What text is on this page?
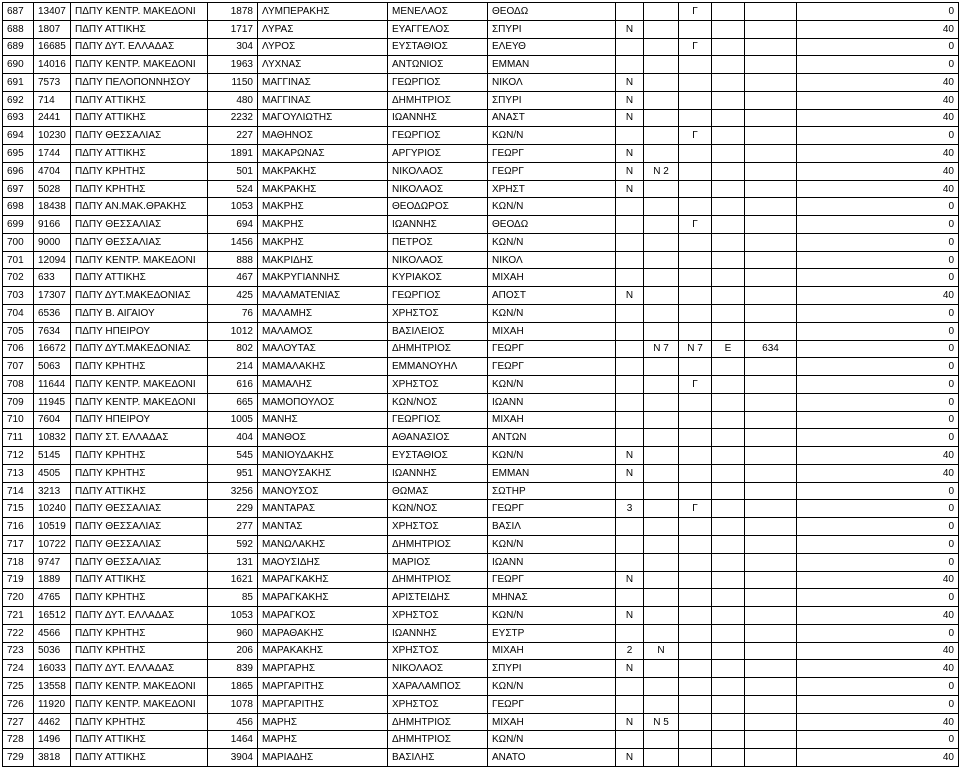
687	13407	ΠΔΠΥ ΚΕΝΤΡ. ΜΑΚΕΔΟΝΙ	1878	ΛΥΜΠΕΡΑΚΗΣ	ΜΕΝΕΛΑΟΣ	ΘΕΟΔΩ			Γ			0
688	1807	ΠΔΠΥ ΑΤΤΙΚΗΣ	1717	ΛΥΡΑΣ	ΕΥΑΓΓΕΛΟΣ	ΣΠΥΡΙ	Ν					40
689	16685	ΠΔΠΥ ΔΥΤ. ΕΛΛΑΔΑΣ	304	ΛΥΡΟΣ	ΕΥΣΤΑΘΙΟΣ	ΕΛΕΥΘ			Γ			0
690	14016	ΠΔΠΥ ΚΕΝΤΡ. ΜΑΚΕΔΟΝΙ	1963	ΛΥΧΝΑΣ	ΑΝΤΩΝΙΟΣ	ΕΜΜΑΝ						0
691	7573	ΠΔΠΥ ΠΕΛΟΠΟΝΝΗΣΟΥ	1150	ΜΑΓΓΙΝΑΣ	ΓΕΩΡΓΙΟΣ	ΝΙΚΟΛ	Ν					40
692	714	ΠΔΠΥ ΑΤΤΙΚΗΣ	480	ΜΑΓΓΙΝΑΣ	ΔΗΜΗΤΡΙΟΣ	ΣΠΥΡΙ	Ν					40
693	2441	ΠΔΠΥ ΑΤΤΙΚΗΣ	2232	ΜΑΓΟΥΛΙΩΤΗΣ	ΙΩΑΝΝΗΣ	ΑΝΑΣΤ	Ν					40
694	10230	ΠΔΠΥ ΘΕΣΣΑΛΙΑΣ	227	ΜΑΘΗΝΟΣ	ΓΕΩΡΓΙΟΣ	ΚΩΝ/Ν			Γ			0
695	1744	ΠΔΠΥ ΑΤΤΙΚΗΣ	1891	ΜΑΚΑΡΩΝΑΣ	ΑΡΓΥΡΙΟΣ	ΓΕΩΡΓ	Ν					40
696	4704	ΠΔΠΥ ΚΡΗΤΗΣ	501	ΜΑΚΡΑΚΗΣ	ΝΙΚΟΛΑΟΣ	ΓΕΩΡΓ	Ν	Ν 2				40
697	5028	ΠΔΠΥ ΚΡΗΤΗΣ	524	ΜΑΚΡΑΚΗΣ	ΝΙΚΟΛΑΟΣ	ΧΡΗΣΤ	Ν					40
698	18438	ΠΔΠΥ ΑΝ.ΜΑΚ.ΘΡΑΚΗΣ	1053	ΜΑΚΡΗΣ	ΘΕΟΔΩΡΟΣ	ΚΩΝ/Ν						0
699	9166	ΠΔΠΥ ΘΕΣΣΑΛΙΑΣ	694	ΜΑΚΡΗΣ	ΙΩΑΝΝΗΣ	ΘΕΟΔΩ			Γ			0
700	9000	ΠΔΠΥ ΘΕΣΣΑΛΙΑΣ	1456	ΜΑΚΡΗΣ	ΠΕΤΡΟΣ	ΚΩΝ/Ν						0
701	12094	ΠΔΠΥ ΚΕΝΤΡ. ΜΑΚΕΔΟΝΙ	888	ΜΑΚΡΙΔΗΣ	ΝΙΚΟΛΑΟΣ	ΝΙΚΟΛ						0
702	633	ΠΔΠΥ ΑΤΤΙΚΗΣ	467	ΜΑΚΡΥΓΙΑΝΝΗΣ	ΚΥΡΙΑΚΟΣ	ΜΙΧΑΗ						0
703	17307	ΠΔΠΥ ΔΥΤ.ΜΑΚΕΔΟΝΙΑΣ	425	ΜΑΛΑΜΑΤΕΝΙΑΣ	ΓΕΩΡΓΙΟΣ	ΑΠΟΣΤ	Ν					40
704	6536	ΠΔΠΥ Β. ΑΙΓΑΙΟΥ	76	ΜΑΛΑΜΗΣ	ΧΡΗΣΤΟΣ	ΚΩΝ/Ν						0
705	7634	ΠΔΠΥ ΗΠΕΙΡΟΥ	1012	ΜΑΛΑΜΟΣ	ΒΑΣΙΛΕΙΟΣ	ΜΙΧΑΗ						0
706	16672	ΠΔΠΥ ΔΥΤ.ΜΑΚΕΔΟΝΙΑΣ	802	ΜΑΛΟΥΤΑΣ	ΔΗΜΗΤΡΙΟΣ	ΓΕΩΡΓ		Ν 7	Ν 7	Ε	634	0
707	5063	ΠΔΠΥ ΚΡΗΤΗΣ	214	ΜΑΜΑΛΑΚΗΣ	ΕΜΜΑΝΟΥΗΛ	ΓΕΩΡΓ						0
708	11644	ΠΔΠΥ ΚΕΝΤΡ. ΜΑΚΕΔΟΝΙ	616	ΜΑΜΑΛΗΣ	ΧΡΗΣΤΟΣ	ΚΩΝ/Ν			Γ			0
709	11945	ΠΔΠΥ ΚΕΝΤΡ. ΜΑΚΕΔΟΝΙ	665	ΜΑΜΟΠΟΥΛΟΣ	ΚΩΝ/ΝΟΣ	ΙΩΑΝΝ						0
710	7604	ΠΔΠΥ ΗΠΕΙΡΟΥ	1005	ΜΑΝΗΣ	ΓΕΩΡΓΙΟΣ	ΜΙΧΑΗ						0
711	10832	ΠΔΠΥ ΣΤ. ΕΛΛΑΔΑΣ	404	ΜΑΝΘΟΣ	ΑΘΑΝΑΣΙΟΣ	ΑΝΤΩΝ						0
712	5145	ΠΔΠΥ ΚΡΗΤΗΣ	545	ΜΑΝΙΟΥΔΑΚΗΣ	ΕΥΣΤΑΘΙΟΣ	ΚΩΝ/Ν	Ν					40
713	4505	ΠΔΠΥ ΚΡΗΤΗΣ	951	ΜΑΝΟΥΣΑΚΗΣ	ΙΩΑΝΝΗΣ	ΕΜΜΑΝ	Ν					40
714	3213	ΠΔΠΥ ΑΤΤΙΚΗΣ	3256	ΜΑΝΟΥΣΟΣ	ΘΩΜΑΣ	ΣΩΤΗΡ						0
715	10240	ΠΔΠΥ ΘΕΣΣΑΛΙΑΣ	229	ΜΑΝΤΑΡΑΣ	ΚΩΝ/ΝΟΣ	ΓΕΩΡΓ	3		Γ			0
716	10519	ΠΔΠΥ ΘΕΣΣΑΛΙΑΣ	277	ΜΑΝΤΑΣ	ΧΡΗΣΤΟΣ	ΒΑΣΙΛ						0
717	10722	ΠΔΠΥ ΘΕΣΣΑΛΙΑΣ	592	ΜΑΝΩΛΑΚΗΣ	ΔΗΜΗΤΡΙΟΣ	ΚΩΝ/Ν						0
718	9747	ΠΔΠΥ ΘΕΣΣΑΛΙΑΣ	131	ΜΑΟΥΣΙΔΗΣ	ΜΑΡΙΟΣ	ΙΩΑΝΝ						0
719	1889	ΠΔΠΥ ΑΤΤΙΚΗΣ	1621	ΜΑΡΑΓΚΑΚΗΣ	ΔΗΜΗΤΡΙΟΣ	ΓΕΩΡΓ	Ν					40
720	4765	ΠΔΠΥ ΚΡΗΤΗΣ	85	ΜΑΡΑΓΚΑΚΗΣ	ΑΡΙΣΤΕΙΔΗΣ	ΜΗΝΑΣ						0
721	16512	ΠΔΠΥ ΔΥΤ. ΕΛΛΑΔΑΣ	1053	ΜΑΡΑΓΚΟΣ	ΧΡΗΣΤΟΣ	ΚΩΝ/Ν	Ν					40
722	4566	ΠΔΠΥ ΚΡΗΤΗΣ	960	ΜΑΡΑΘΑΚΗΣ	ΙΩΑΝΝΗΣ	ΕΥΣΤΡ						0
723	5036	ΠΔΠΥ ΚΡΗΤΗΣ	206	ΜΑΡΑΚΑΚΗΣ	ΧΡΗΣΤΟΣ	ΜΙΧΑΗ	2	Ν				40
724	16033	ΠΔΠΥ ΔΥΤ. ΕΛΛΑΔΑΣ	839	ΜΑΡΓΑΡΗΣ	ΝΙΚΟΛΑΟΣ	ΣΠΥΡΙ	Ν					40
725	13558	ΠΔΠΥ ΚΕΝΤΡ. ΜΑΚΕΔΟΝΙ	1865	ΜΑΡΓΑΡΙΤΗΣ	ΧΑΡΑΛΑΜΠΟΣ	ΚΩΝ/Ν						0
726	11920	ΠΔΠΥ ΚΕΝΤΡ. ΜΑΚΕΔΟΝΙ	1078	ΜΑΡΓΑΡΙΤΗΣ	ΧΡΗΣΤΟΣ	ΓΕΩΡΓ						0
727	4462	ΠΔΠΥ ΚΡΗΤΗΣ	456	ΜΑΡΗΣ	ΔΗΜΗΤΡΙΟΣ	ΜΙΧΑΗ	Ν	Ν 5				40
728	1496	ΠΔΠΥ ΑΤΤΙΚΗΣ	1464	ΜΑΡΗΣ	ΔΗΜΗΤΡΙΟΣ	ΚΩΝ/Ν						0
729	3818	ΠΔΠΥ ΑΤΤΙΚΗΣ	3904	ΜΑΡΙΑΔΗΣ	ΒΑΣΙΛΗΣ	ΑΝΑΤΟ	Ν					40
